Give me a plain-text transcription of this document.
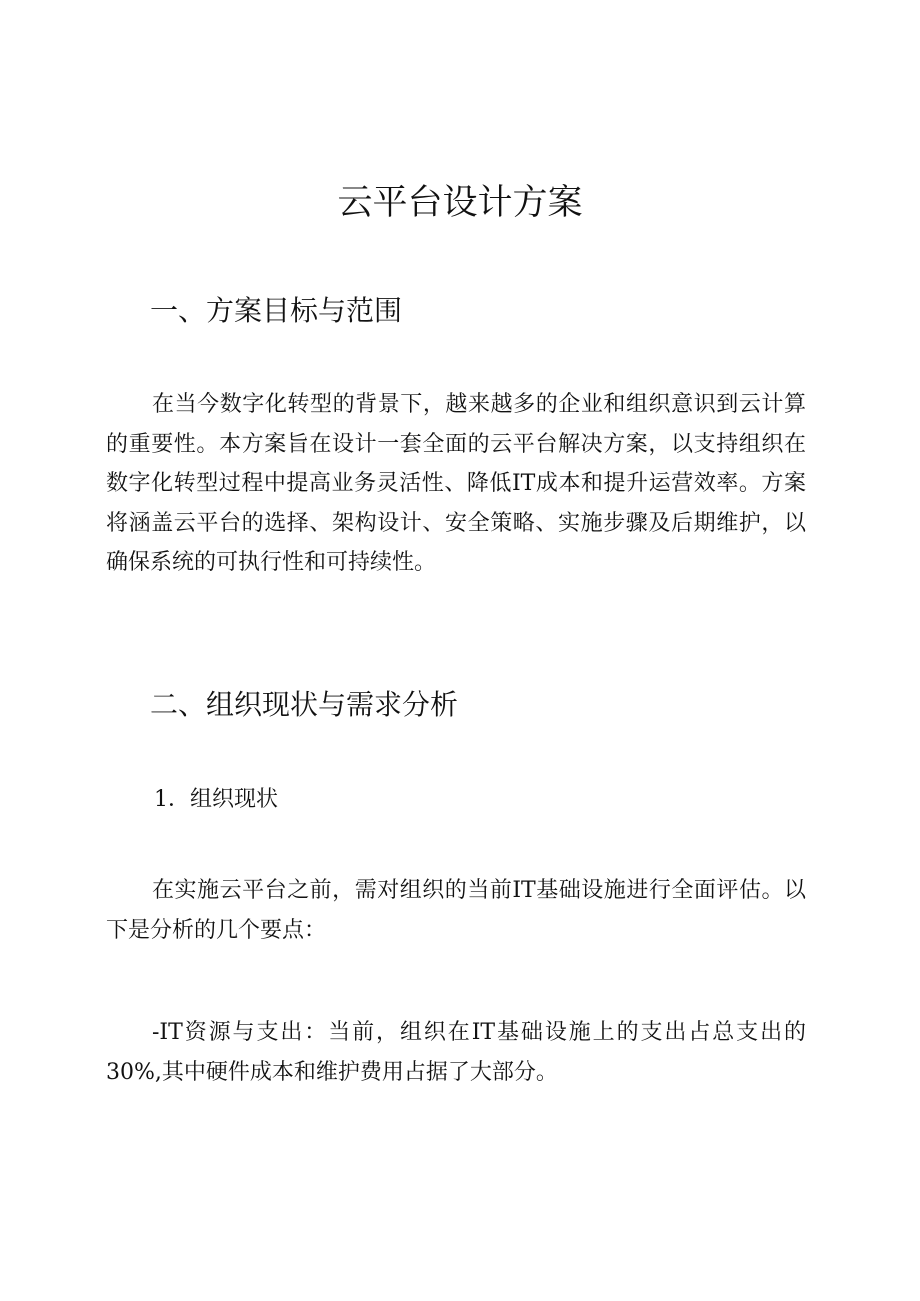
云平台设计方案
一、方案目标与范围

在当今数字化转型的背景下，越来越多的企业和组织意识到云计算的重要性。本方案旨在设计一套全面的云平台解决方案，以支持组织在数字化转型过程中提高业务灵活性、降低IT成本和提升运营效率。方案将涵盖云平台的选择、架构设计、安全策略、实施步骤及后期维护，以确保系统的可执行性和可持续性。

二、组织现状与需求分析
1．组织现状

在实施云平台之前，需对组织的当前IT基础设施进行全面评估。以下是分析的几个要点：

-IT资源与支出：当前，组织在IT基础设施上的支出占总支出的30%,其中硬件成本和维护费用占据了大部分。
